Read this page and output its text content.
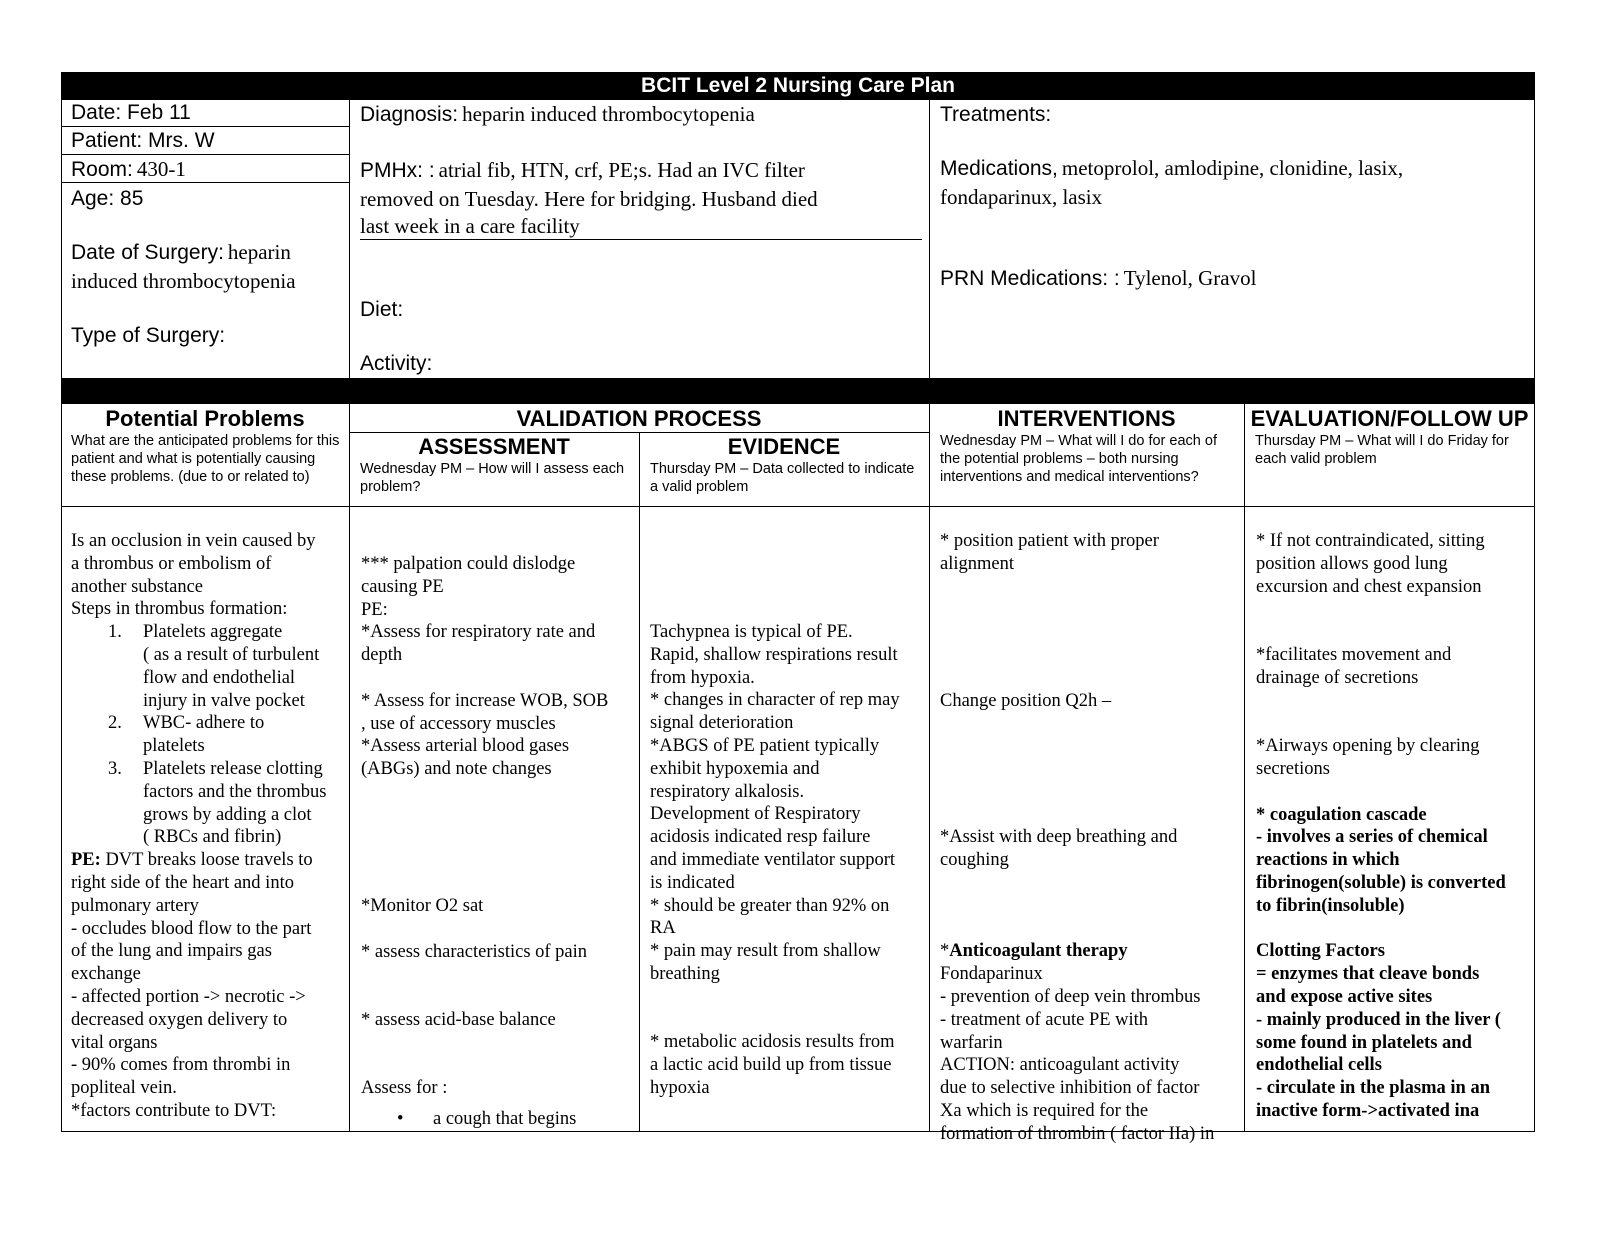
BCIT Level 2 Nursing Care Plan
Date: Feb 11
Patient: Mrs. W
Room: 430-1
Age: 85
Date of Surgery: heparin
induced thrombocytopenia
Type of Surgery:
Diagnosis: heparin induced thrombocytopenia
PMHx: : atrial fib, HTN, crf, PE;s. Had an IVC filter
removed on Tuesday. Here for bridging. Husband died
last week in a care facility
Diet:
Activity:
Treatments:
Medications, metoprolol, amlodipine, clonidine, lasix,
fondaparinux, lasix
PRN Medications: : Tylenol, Gravol
Potential Problems
What are the anticipated problems for this patient and what is potentially causing these problems. (due to or related to)
VALIDATION PROCESS
ASSESSMENT
Wednesday PM – How will I assess each problem?
EVIDENCE
Thursday PM – Data collected to indicate a valid problem
INTERVENTIONS
Wednesday PM – What will I do for each of the potential problems – both nursing interventions and medical interventions?
EVALUATION/FOLLOW UP
Thursday PM – What will I do Friday for each valid problem

Is an occlusion in vein caused by

a thrombus or embolism of

another substance

Steps in thrombus formation:

1. Platelets aggregate
( as a result of turbulent
flow and endothelial
injury in valve pocket
2. WBC- adhere to
platelets
3. Platelets release clotting
factors and the thrombus
grows by adding a clot
( RBCs and fibrin)

PE: DVT breaks loose travels to

right side of the heart and into

pulmonary artery

- occludes blood flow to the part

of the lung and impairs gas

exchange

- affected portion -> necrotic ->

decreased oxygen delivery to

vital organs

- 90% comes from thrombi in

popliteal vein.

*factors contribute to DVT:

*** palpation could dislodge

causing PE

PE:

*Assess for respiratory rate and

depth

* Assess for increase WOB, SOB

, use of accessory muscles

*Assess arterial blood gases

(ABGs) and note changes

*Monitor O2 sat

* assess characteristics of pain

* assess acid-base balance

Assess for :

• a cough that begins

Tachypnea is typical of PE.

Rapid, shallow respirations result

from hypoxia.

* changes in character of rep may

signal deterioration

*ABGS of PE patient typically

exhibit hypoxemia and

respiratory alkalosis.

Development of Respiratory

acidosis indicated resp failure

and immediate ventilator support

is indicated

* should be greater than 92% on

RA

* pain may result from shallow

breathing

* metabolic acidosis results from

a lactic acid build up from tissue

hypoxia

* position patient with proper

alignment

Change position Q2h –

*Assist with deep breathing and

coughing

*Anticoagulant therapy

Fondaparinux

- prevention of deep vein thrombus

- treatment of acute PE with

warfarin

ACTION: anticoagulant activity

due to selective inhibition of factor

Xa which is required for the

formation of thrombin ( factor IIa) in

* If not contraindicated, sitting

position allows good lung

excursion and chest expansion

*facilitates movement and

drainage of secretions

*Airways opening by clearing

secretions

* coagulation cascade

- involves a series of chemical

reactions in which

fibrinogen(soluble) is converted

to fibrin(insoluble)

Clotting Factors

= enzymes that cleave bonds

and expose active sites

- mainly produced in the liver (

some found in platelets and

endothelial cells

- circulate in the plasma in an

inactive form->activated ina
